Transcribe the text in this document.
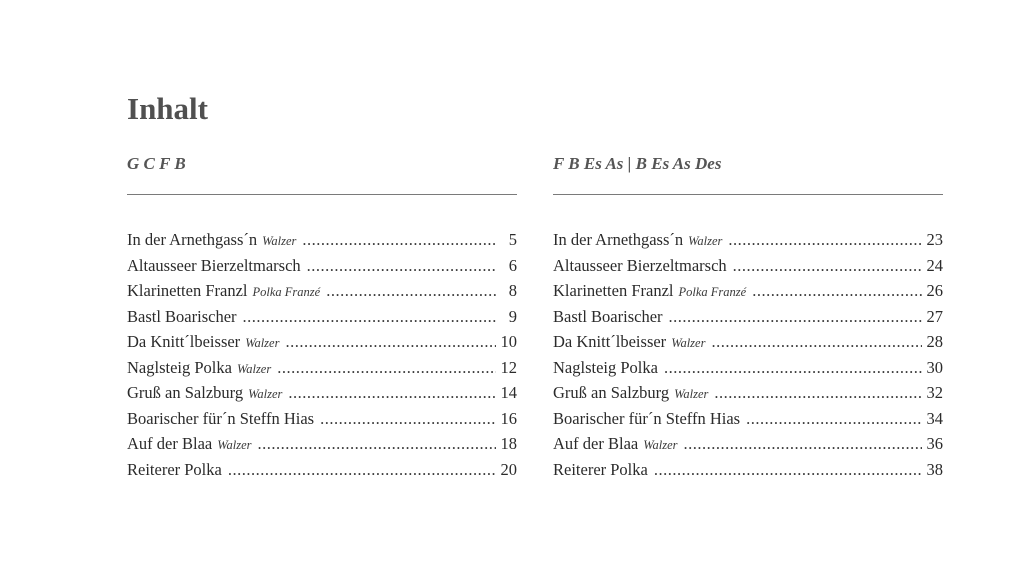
Inhalt
G C F B
In der Arnethgass´n Walzer .....	5
Altausseer Bierzeltmarsch .....	6
Klarinetten Franzl Polka Franzé .....	8
Bastl Boarischer .....	9
Da Knitt´lbeisser Walzer .....	10
Naglsteig Polka Walzer .....	12
Gruß an Salzburg Walzer .....	14
Boarischer für´n Steffn Hias .....	16
Auf der Blaa Walzer .....	18
Reiterer Polka .....	20
F B Es As | B Es As Des
In der Arnethgass´n Walzer .....	23
Altausseer Bierzeltmarsch .....	24
Klarinetten Franzl Polka Franzé .....	26
Bastl Boarischer .....	27
Da Knitt´lbeisser Walzer .....	28
Naglsteig Polka .....	30
Gruß an Salzburg Walzer .....	32
Boarischer für´n Steffn Hias .....	34
Auf der Blaa Walzer .....	36
Reiterer Polka .....	38
